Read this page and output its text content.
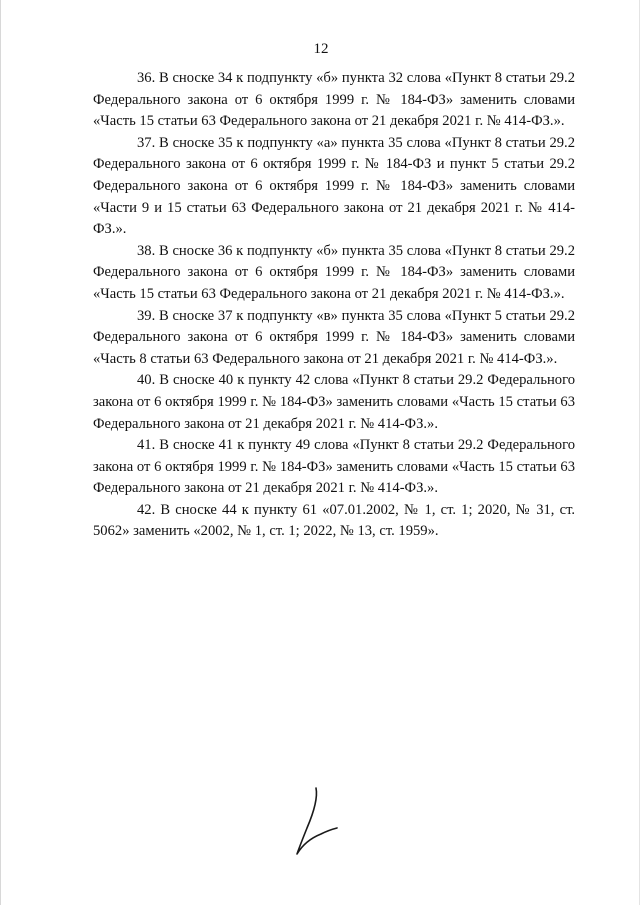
12

36. В сноске 34 к подпункту «б» пункта 32 слова «Пункт 8 статьи 29.2 Федерального закона от 6 октября 1999 г. № 184-ФЗ» заменить словами «Часть 15 статьи 63 Федерального закона от 21 декабря 2021 г. № 414-ФЗ.».

37. В сноске 35 к подпункту «а» пункта 35 слова «Пункт 8 статьи 29.2 Федерального закона от 6 октября 1999 г. № 184-ФЗ и пункт 5 статьи 29.2 Федерального закона от 6 октября 1999 г. № 184-ФЗ» заменить словами «Части 9 и 15 статьи 63 Федерального закона от 21 декабря 2021 г. № 414-ФЗ.».

38. В сноске 36 к подпункту «б» пункта 35 слова «Пункт 8 статьи 29.2 Федерального закона от 6 октября 1999 г. № 184-ФЗ» заменить словами «Часть 15 статьи 63 Федерального закона от 21 декабря 2021 г. № 414-ФЗ.».

39. В сноске 37 к подпункту «в» пункта 35 слова «Пункт 5 статьи 29.2 Федерального закона от 6 октября 1999 г. № 184-ФЗ» заменить словами «Часть 8 статьи 63 Федерального закона от 21 декабря 2021 г. № 414-ФЗ.».

40. В сноске 40 к пункту 42 слова «Пункт 8 статьи 29.2 Федерального закона от 6 октября 1999 г. № 184-ФЗ» заменить словами «Часть 15 статьи 63 Федерального закона от 21 декабря 2021 г. № 414-ФЗ.».

41. В сноске 41 к пункту 49 слова «Пункт 8 статьи 29.2 Федерального закона от 6 октября 1999 г. № 184-ФЗ» заменить словами «Часть 15 статьи 63 Федерального закона от 21 декабря 2021 г. № 414-ФЗ.».

42. В сноске 44 к пункту 61 «07.01.2002, № 1, ст. 1; 2020, № 31, ст. 5062» заменить «2002, № 1, ст. 1; 2022, № 13, ст. 1959».
